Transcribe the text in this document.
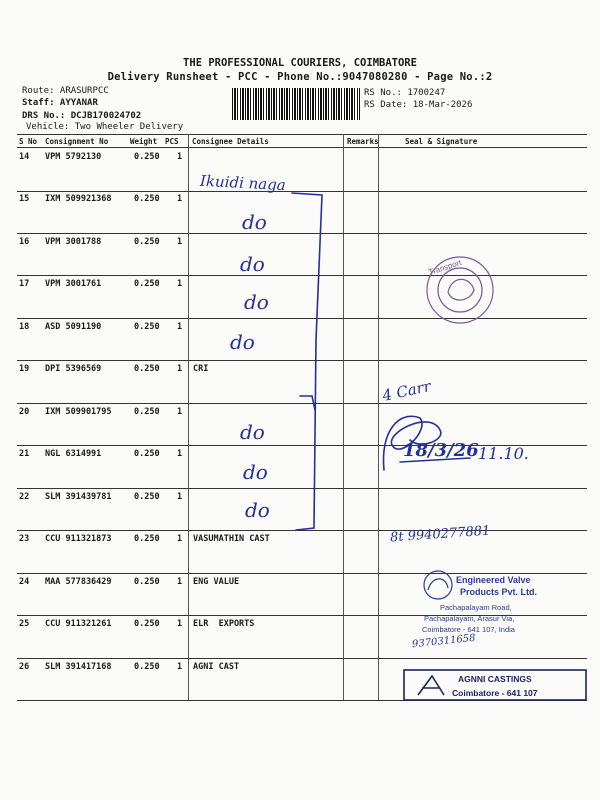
THE PROFESSIONAL COURIERS, COIMBATORE
Delivery Runsheet - PCC - Phone No.:9047080280 - Page No.:2
Route: ARASURPCC
Staff: AYYANAR
DRS No.: DCJB170024702
Vehicle: Two Wheeler Delivery
RS No.: 1700247
RS Date: 18-Mar-2026
S No Consignment No	Weight PCS Consignee Details	Remarks	Seal & Signature
14 VPM 5792130	0.250 1
15 IXM 509921368	0.250 1
16 VPM 3001788	0.250 1
17 VPM 3001761	0.250 1
18 ASD 5091190	0.250 1
19 DPI 5396569	0.250 1 CRI
20 IXM 509901795	0.250 1
21 NGL 6314991	0.250 1
22 SLM 391439781	0.250 1
23 CCU 911321873	0.250 1 VASUMATHIN CAST
24 MAA 577836429	0.250 1 ENG VALUE
25 CCU 911321261	0.250 1 ELR  EXPORTS
26 SLM 391417168	0.250 1 AGNI CAST
Ikuidi naga
do
do
do
do
do
do
do
4 Carr
18/3/26 11.10.
8t 9940277881
9370311658
Transport
Engineered Valve
Products Pvt. Ltd.
Pachapalayam Road,
Pachapalayam, Arasur Via,
Coimbatore - 641 107, India
AGNNI CASTINGS
Coimbatore - 641 107
